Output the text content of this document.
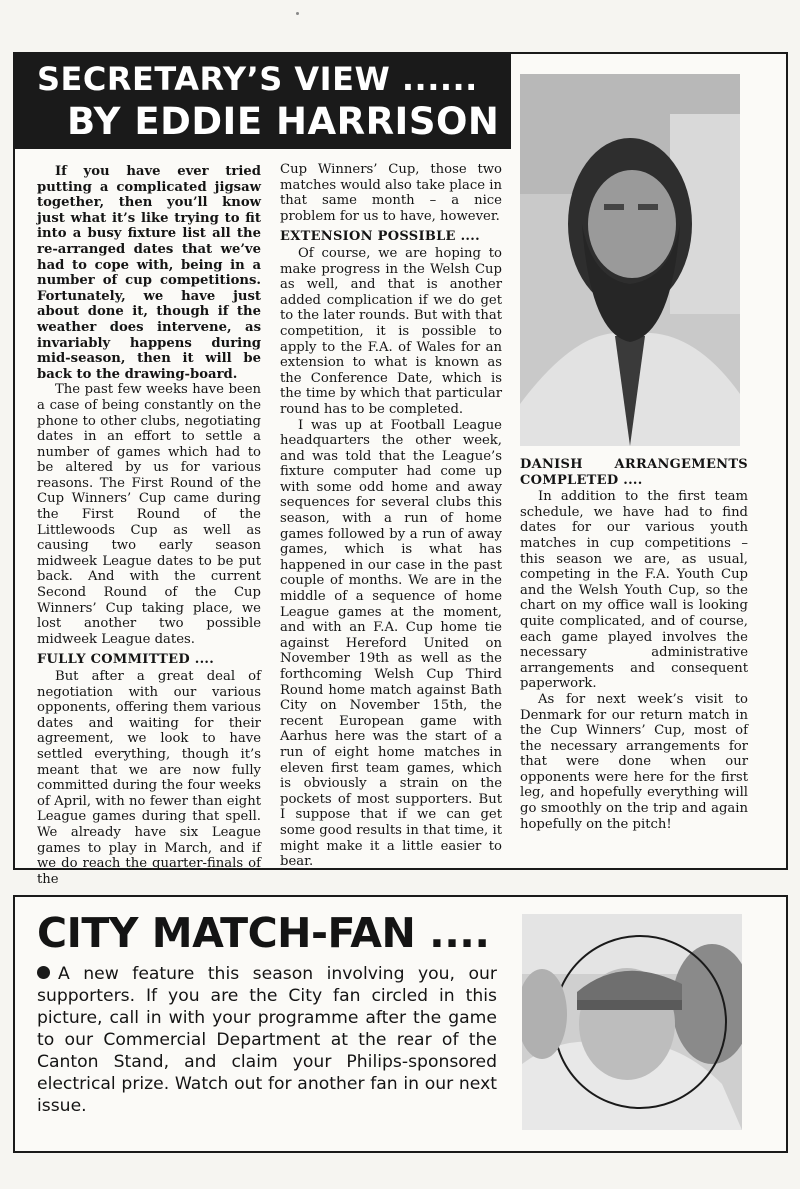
SECRETARY’S VIEW ......
BY EDDIE HARRISON

If you have ever tried putting a complicated jigsaw together, then you’ll know just what it’s like trying to fit into a busy fixture list all the re-arranged dates that we’ve had to cope with, being in a number of cup competitions. Fortunately, we have just about done it, though if the weather does intervene, as invariably happens during mid-season, then it will be back to the drawing-board.

The past few weeks have been a case of being constantly on the phone to other clubs, negotiating dates in an effort to settle a number of games which had to be altered by us for various reasons. The First Round of the Cup Winners’ Cup came during the First Round of the Littlewoods Cup as well as causing two early season midweek League dates to be put back. And with the current Second Round of the Cup Winners’ Cup taking place, we lost another two possible midweek League dates.

FULLY COMMITTED ....

But after a great deal of negotiation with our various opponents, offering them various dates and waiting for their agreement, we look to have settled everything, though it’s meant that we are now fully committed during the four weeks of April, with no fewer than eight League games during that spell. We already have six League games to play in March, and if we do reach the quarter-finals of the

Cup Winners’ Cup, those two matches would also take place in that same month – a nice problem for us to have, however.

EXTENSION POSSIBLE ....

Of course, we are hoping to make progress in the Welsh Cup as well, and that is another added complication if we do get to the later rounds. But with that competition, it is possible to apply to the F.A. of Wales for an extension to what is known as the Conference Date, which is the time by which that particular round has to be completed.

I was up at Football League headquarters the other week, and was told that the League’s fixture computer had come up with some odd home and away sequences for several clubs this season, with a run of home games followed by a run of away games, which is what has happened in our case in the past couple of months. We are in the middle of a sequence of home League games at the moment, and with an F.A. Cup home tie against Hereford United on November 19th as well as the forthcoming Welsh Cup Third Round home match against Bath City on November 15th, the recent European game with Aarhus here was the start of a run of eight home matches in eleven first team games, which is obviously a strain on the pockets of most supporters. But I suppose that if we can get some good results in that time, it might make it a little easier to bear.

DANISH ARRANGEMENTS COMPLETED ....

In addition to the first team schedule, we have had to find dates for our various youth matches in cup competitions – this season we are, as usual, competing in the F.A. Youth Cup and the Welsh Youth Cup, so the chart on my office wall is looking quite complicated, and of course, each game played involves the necessary administrative arrangements and consequent paperwork.

As for next week’s visit to Denmark for our return match in the Cup Winners’ Cup, most of the necessary arrangements for that were done when our opponents were here for the first leg, and hopefully everything will go smoothly on the trip and again hopefully on the pitch!

CITY MATCH-FAN ....
A new feature this season involving you, our supporters. If you are the City fan circled in this picture, call in with your programme after the game to our Commercial Department at the rear of the Canton Stand, and claim your Philips-sponsored electrical prize. Watch out for another fan in our next issue.
